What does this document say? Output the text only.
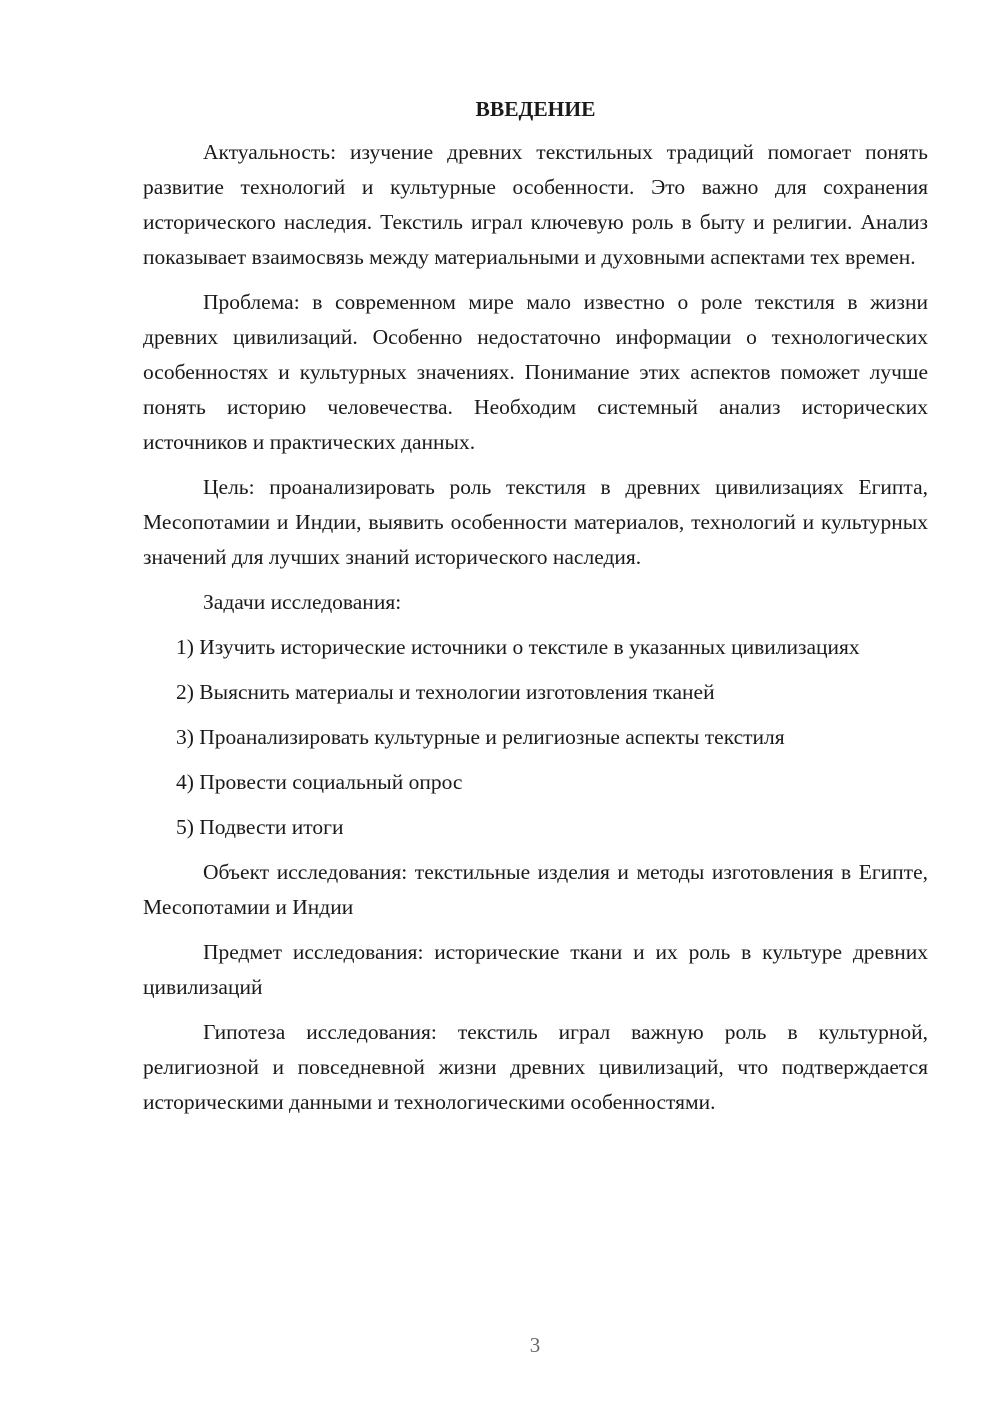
ВВЕДЕНИЕ

Актуальность: изучение древних текстильных традиций помогает понять развитие технологий и культурные особенности. Это важно для сохранения исторического наследия. Текстиль играл ключевую роль в быту и религии. Анализ показывает взаимосвязь между материальными и духовными аспектами тех времен.

Проблема: в современном мире мало известно о роле текстиля в жизни древних цивилизаций. Особенно недостаточно информации о технологических особенностях и культурных значениях. Понимание этих аспектов поможет лучше понять историю человечества. Необходим системный анализ исторических источников и практических данных.

Цель: проанализировать роль текстиля в древних цивилизациях Египта, Месопотамии и Индии, выявить особенности материалов, технологий и культурных значений для лучших знаний исторического наследия.

Задачи исследования:

1) Изучить исторические источники о текстиле в указанных цивилизациях

2) Выяснить материалы и технологии изготовления тканей

3) Проанализировать культурные и религиозные аспекты текстиля

4) Провести социальный опрос

5) Подвести итоги

Объект исследования: текстильные изделия и методы изготовления в Египте, Месопотамии и Индии

Предмет исследования: исторические ткани и их роль в культуре древних цивилизаций

Гипотеза исследования: текстиль играл важную роль в культурной, религиозной и повседневной жизни древних цивилизаций, что подтверждается историческими данными и технологическими особенностями.

3
